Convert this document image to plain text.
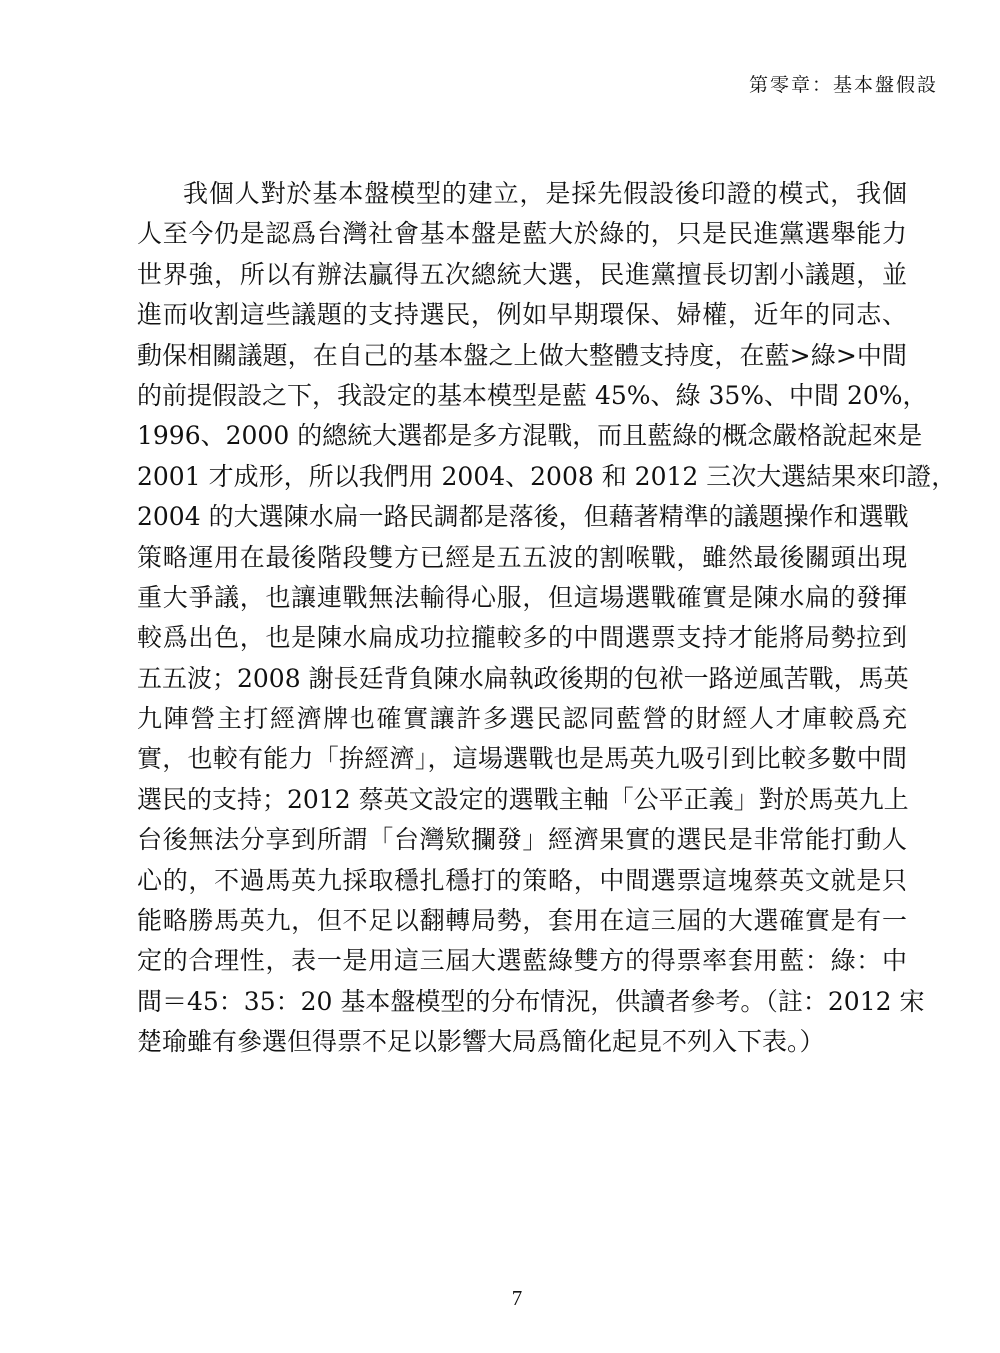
第零章：基本盤假設
我個人對於基本盤模型的建立，是採先假設後印證的模式，我個
人至今仍是認爲台灣社會基本盤是藍大於綠的，只是民進黨選舉能力
世界強，所以有辦法贏得五次總統大選，民進黨擅長切割小議題，並
進而收割這些議題的支持選民，例如早期環保、婦權，近年的同志、
動保相關議題，在自己的基本盤之上做大整體支持度，在藍>綠>中間
的前提假設之下，我設定的基本模型是藍 45%、綠 35%、中間 20%，
1996、2000 的總統大選都是多方混戰，而且藍綠的概念嚴格說起來是
2001 才成形，所以我們用 2004、2008 和 2012 三次大選結果來印證，
2004 的大選陳水扁一路民調都是落後，但藉著精準的議題操作和選戰
策略運用在最後階段雙方已經是五五波的割喉戰，雖然最後關頭出現
重大爭議，也讓連戰無法輸得心服，但這場選戰確實是陳水扁的發揮
較爲出色，也是陳水扁成功拉攏較多的中間選票支持才能將局勢拉到
五五波；2008 謝長廷背負陳水扁執政後期的包袱一路逆風苦戰，馬英
九陣營主打經濟牌也確實讓許多選民認同藍營的財經人才庫較爲充
實，也較有能力「拚經濟」，這場選戰也是馬英九吸引到比較多數中間
選民的支持；2012 蔡英文設定的選戰主軸「公平正義」對於馬英九上
台後無法分享到所謂「台灣欵攔發」經濟果實的選民是非常能打動人
心的，不過馬英九採取穩扎穩打的策略，中間選票這塊蔡英文就是只
能略勝馬英九，但不足以翻轉局勢，套用在這三屆的大選確實是有一
定的合理性，表一是用這三屆大選藍綠雙方的得票率套用藍：綠：中
間＝45：35：20 基本盤模型的分布情況，供讀者參考。（註：2012 宋
楚瑜雖有參選但得票不足以影響大局爲簡化起見不列入下表。）
7
